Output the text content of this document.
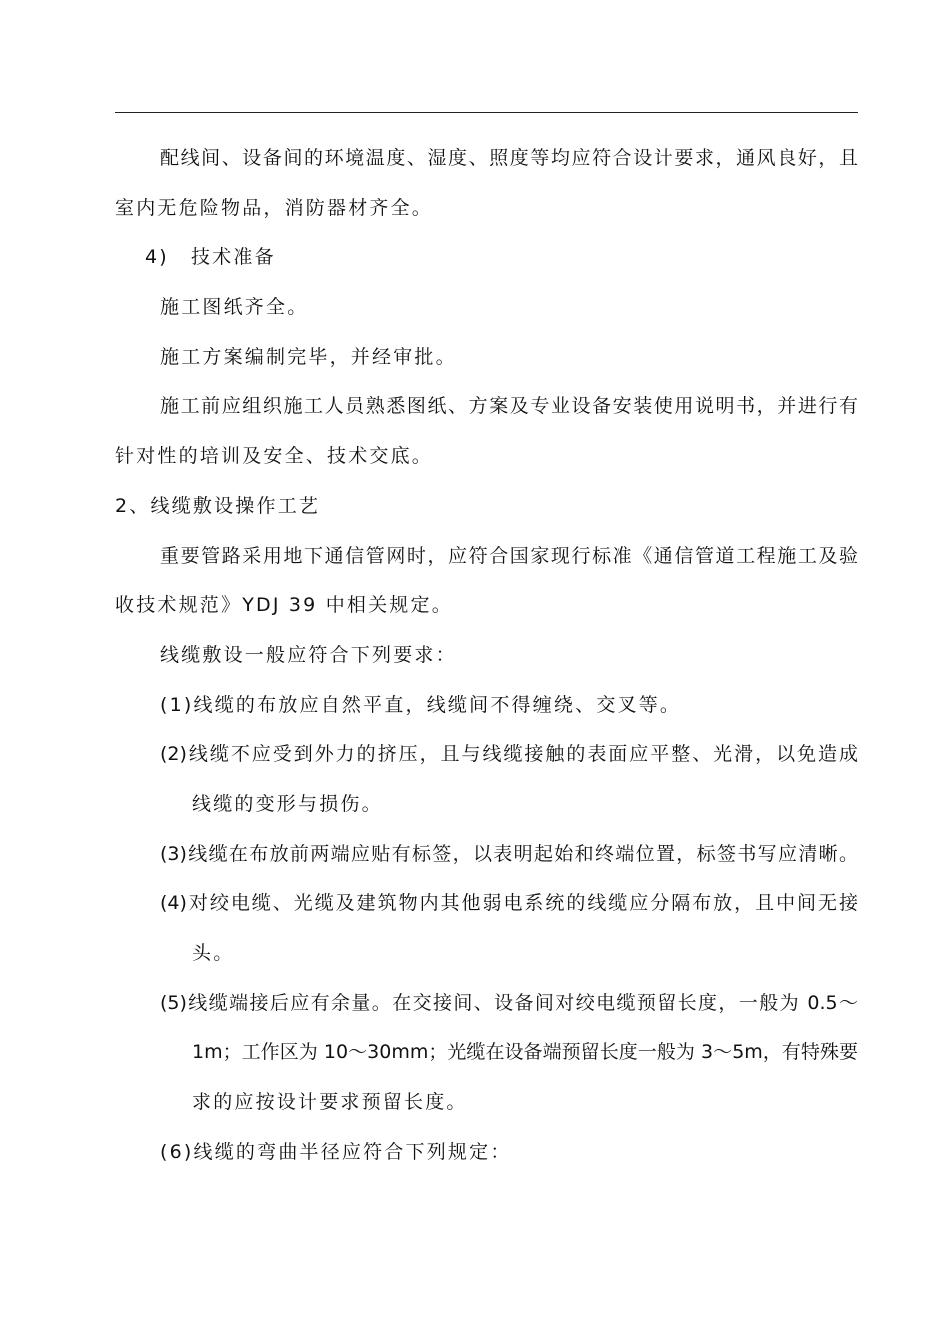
配线间、设备间的环境温度、湿度、照度等均应符合设计要求，通风良好，且
室内无危险物品，消防器材齐全。
4) 技术准备
施工图纸齐全。
施工方案编制完毕，并经审批。
施工前应组织施工人员熟悉图纸、方案及专业设备安装使用说明书，并进行有
针对性的培训及安全、技术交底。
2、线缆敷设操作工艺
重要管路采用地下通信管网时，应符合国家现行标准《通信管道工程施工及验
收技术规范》YDJ 39 中相关规定。
线缆敷设一般应符合下列要求：
(1)线缆的布放应自然平直，线缆间不得缠绕、交叉等。
(2)线缆不应受到外力的挤压，且与线缆接触的表面应平整、光滑，以免造成
线缆的变形与损伤。
(3)线缆在布放前两端应贴有标签，以表明起始和终端位置，标签书写应清晰。
(4)对绞电缆、光缆及建筑物内其他弱电系统的线缆应分隔布放，且中间无接
头。
(5)线缆端接后应有余量。在交接间、设备间对绞电缆预留长度，一般为 0.5～
1m；工作区为 10～30mm；光缆在设备端预留长度一般为 3～5m，有特殊要
求的应按设计要求预留长度。
(6)线缆的弯曲半径应符合下列规定：
